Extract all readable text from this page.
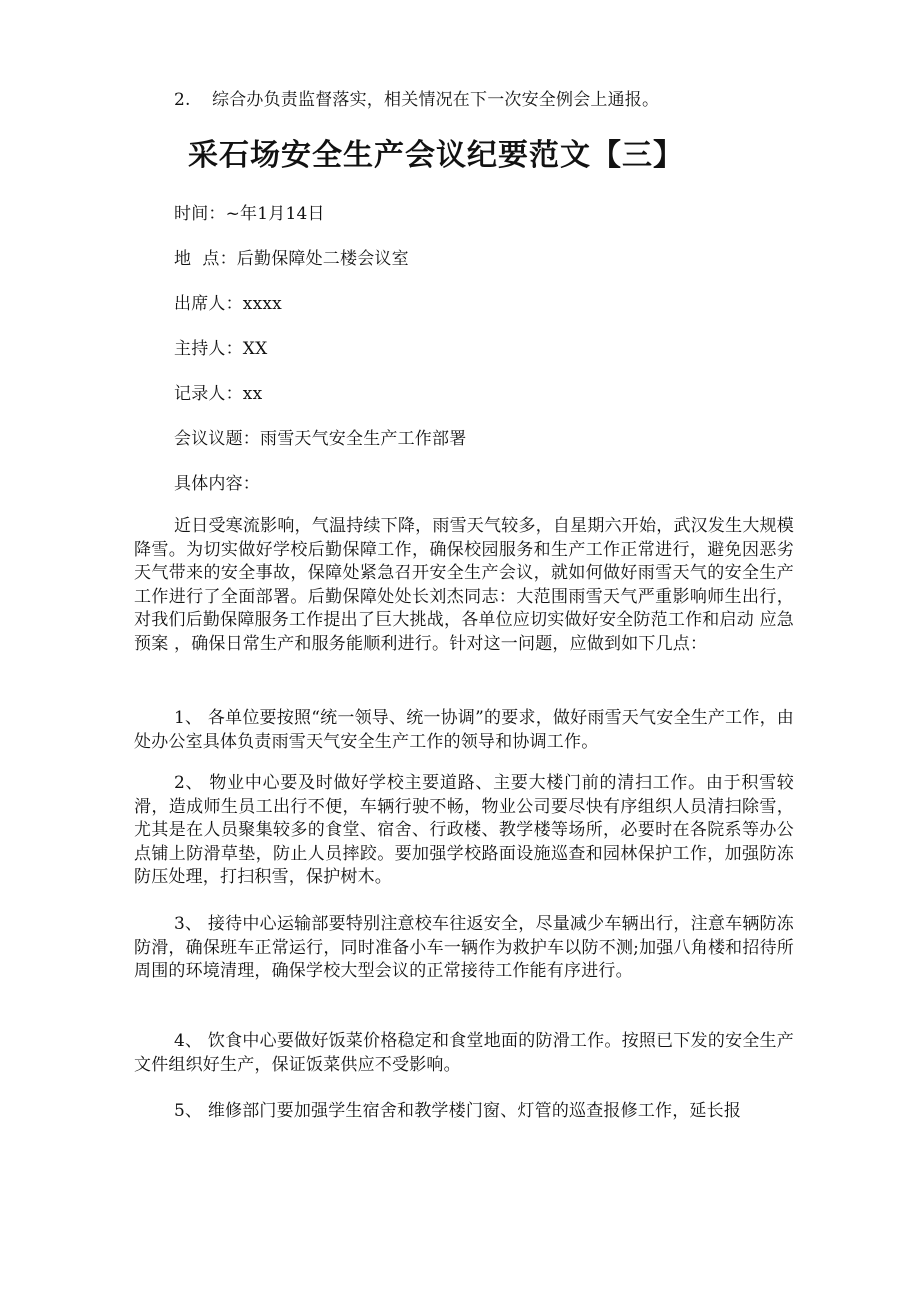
2. 综合办负责监督落实，相关情况在下一次安全例会上通报。
采石场安全生产会议纪要范文【三】
时间：~年1月14日
地  点：后勤保障处二楼会议室
出席人：xxxx
主持人：XX
记录人：xx
会议议题：雨雪天气安全生产工作部署
具体内容：
近日受寒流影响，气温持续下降，雨雪天气较多，自星期六开始，武汉发生大规模降雪。为切实做好学校后勤保障工作，确保校园服务和生产工作正常进行，避免因恶劣天气带来的安全事故，保障处紧急召开安全生产会议，就如何做好雨雪天气的安全生产工作进行了全面部署。后勤保障处处长刘杰同志：大范围雨雪天气严重影响师生出行，对我们后勤保障服务工作提出了巨大挑战，各单位应切实做好安全防范工作和启动 应急预案 ，确保日常生产和服务能顺利进行。针对这一问题，应做到如下几点：
1、 各单位要按照“统一领导、统一协调”的要求，做好雨雪天气安全生产工作，由处办公室具体负责雨雪天气安全生产工作的领导和协调工作。
2、 物业中心要及时做好学校主要道路、主要大楼门前的清扫工作。由于积雪较滑，造成师生员工出行不便，车辆行驶不畅，物业公司要尽快有序组织人员清扫除雪，尤其是在人员聚集较多的食堂、宿舍、行政楼、教学楼等场所，必要时在各院系等办公点铺上防滑草垫，防止人员摔跤。要加强学校路面设施巡查和园林保护工作，加强防冻防压处理，打扫积雪，保护树木。
3、 接待中心运输部要特别注意校车往返安全，尽量减少车辆出行，注意车辆防冻防滑，确保班车正常运行，同时准备小车一辆作为救护车以防不测;加强八角楼和招待所周围的环境清理，确保学校大型会议的正常接待工作能有序进行。
4、 饮食中心要做好饭菜价格稳定和食堂地面的防滑工作。按照已下发的安全生产文件组织好生产，保证饭菜供应不受影响。
5、 维修部门要加强学生宿舍和教学楼门窗、灯管的巡查报修工作，延长报
